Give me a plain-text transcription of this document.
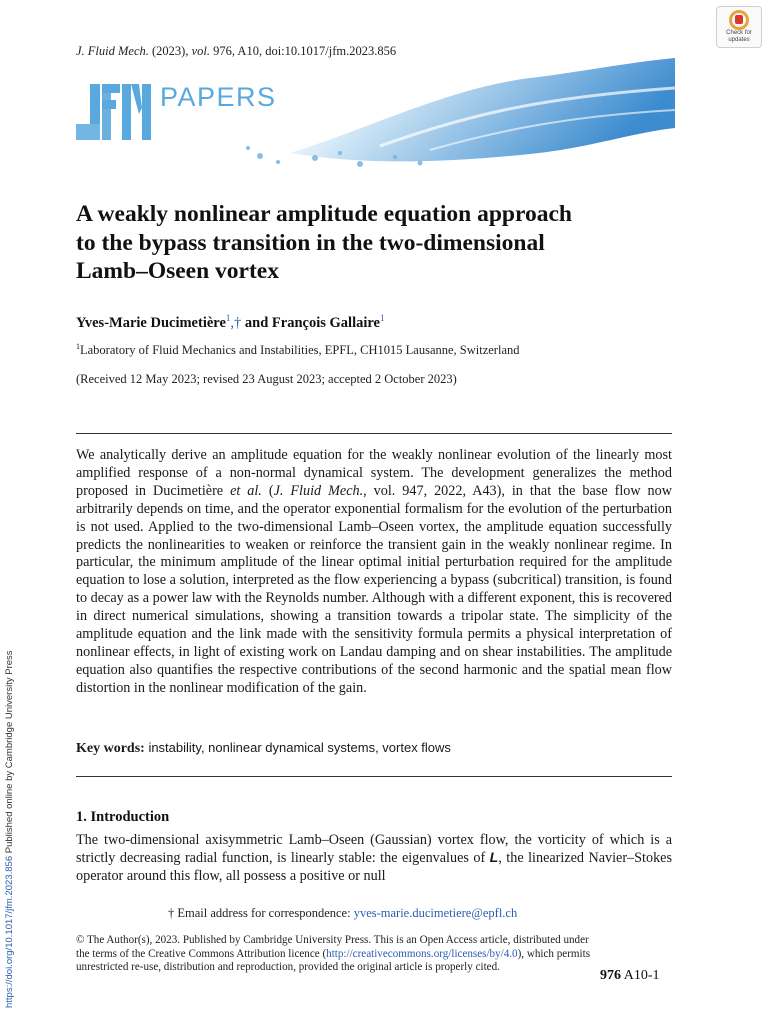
J. Fluid Mech. (2023), vol. 976, A10, doi:10.1017/jfm.2023.856
PAPERS
Check for
updates
A weakly nonlinear amplitude equation approach
to the bypass transition in the two-dimensional
Lamb–Oseen vortex
Yves-Marie Ducimetière$^1$,† and François Gallaire$^1$
$^1$Laboratory of Fluid Mechanics and Instabilities, EPFL, CH1015 Lausanne, Switzerland
(Received 12 May 2023; revised 23 August 2023; accepted 2 October 2023)
We analytically derive an amplitude equation for the weakly nonlinear evolution of the linearly most amplified response of a non-normal dynamical system. The development generalizes the method proposed in Ducimetière et al. (J. Fluid Mech., vol. 947, 2022, A43), in that the base flow now arbitrarily depends on time, and the operator exponential formalism for the evolution of the perturbation is not used. Applied to the two-dimensional Lamb–Oseen vortex, the amplitude equation successfully predicts the nonlinearities to weaken or reinforce the transient gain in the weakly nonlinear regime. In particular, the minimum amplitude of the linear optimal initial perturbation required for the amplitude equation to lose a solution, interpreted as the flow experiencing a bypass (subcritical) transition, is found to decay as a power law with the Reynolds number. Although with a different exponent, this is recovered in direct numerical simulations, showing a transition towards a tripolar state. The simplicity of the amplitude equation and the link made with the sensitivity formula permits a physical interpretation of nonlinear effects, in light of existing work on Landau damping and on shear instabilities. The amplitude equation also quantifies the respective contributions of the second harmonic and the spatial mean flow distortion in the nonlinear modification of the gain.
Key words: instability, nonlinear dynamical systems, vortex flows
1. Introduction
The two-dimensional axisymmetric Lamb–Oseen (Gaussian) vortex flow, the vorticity of which is a strictly decreasing radial function, is linearly stable: the eigenvalues of L, the linearized Navier–Stokes operator around this flow, all possess a positive or null
† Email address for correspondence: yves-marie.ducimetiere@epfl.ch
© The Author(s), 2023. Published by Cambridge University Press. This is an Open Access article, distributed under the terms of the Creative Commons Attribution licence (http://creativecommons.org/licenses/by/4.0), which permits unrestricted re-use, distribution and reproduction, provided the original article is properly cited.
976 A10-1
https://doi.org/10.1017/jfm.2023.856 Published online by Cambridge University Press
